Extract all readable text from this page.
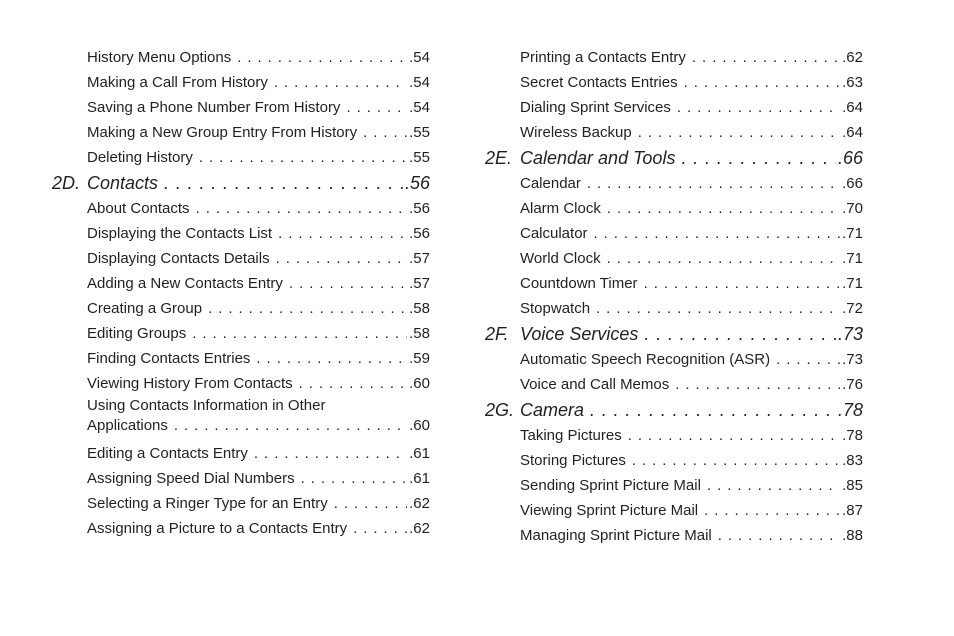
History Menu Options . . .	.54
Making a Call From History . . .	.54
Saving a Phone Number From History . . .	.54
Making a New Group Entry From History . . .	.55
Deleting History . . .	.55
2D. Contacts . . .	.56
About Contacts . . .	.56
Displaying the Contacts List . . .	.56
Displaying Contacts Details . . .	.57
Adding a New Contacts Entry . . .	.57
Creating a Group . . .	.58
Editing Groups . . .	.58
Finding Contacts Entries . . .	.59
Viewing History From Contacts . . .	.60
Using Contacts Information in Other
Applications . . .	.60
Editing a Contacts Entry . . .	.61
Assigning Speed Dial Numbers . . .	.61
Selecting a Ringer Type for an Entry . . .	.62
Assigning a Picture to a Contacts Entry . . .	.62
Printing a Contacts Entry . . .	.62
Secret Contacts Entries . . .	.63
Dialing Sprint Services . . .	.64
Wireless Backup . . .	.64
2E. Calendar and Tools . . .	.66
Calendar . . .	.66
Alarm Clock . . .	.70
Calculator . . .	.71
World Clock . . .	.71
Countdown Timer . . .	.71
Stopwatch . . .	.72
2F. Voice Services . . .	.73
Automatic Speech Recognition (ASR) . . .	.73
Voice and Call Memos . . .	.76
2G. Camera . . .	.78
Taking Pictures . . .	.78
Storing Pictures . . .	.83
Sending Sprint Picture Mail . . .	.85
Viewing Sprint Picture Mail . . .	.87
Managing Sprint Picture Mail . . .	.88
